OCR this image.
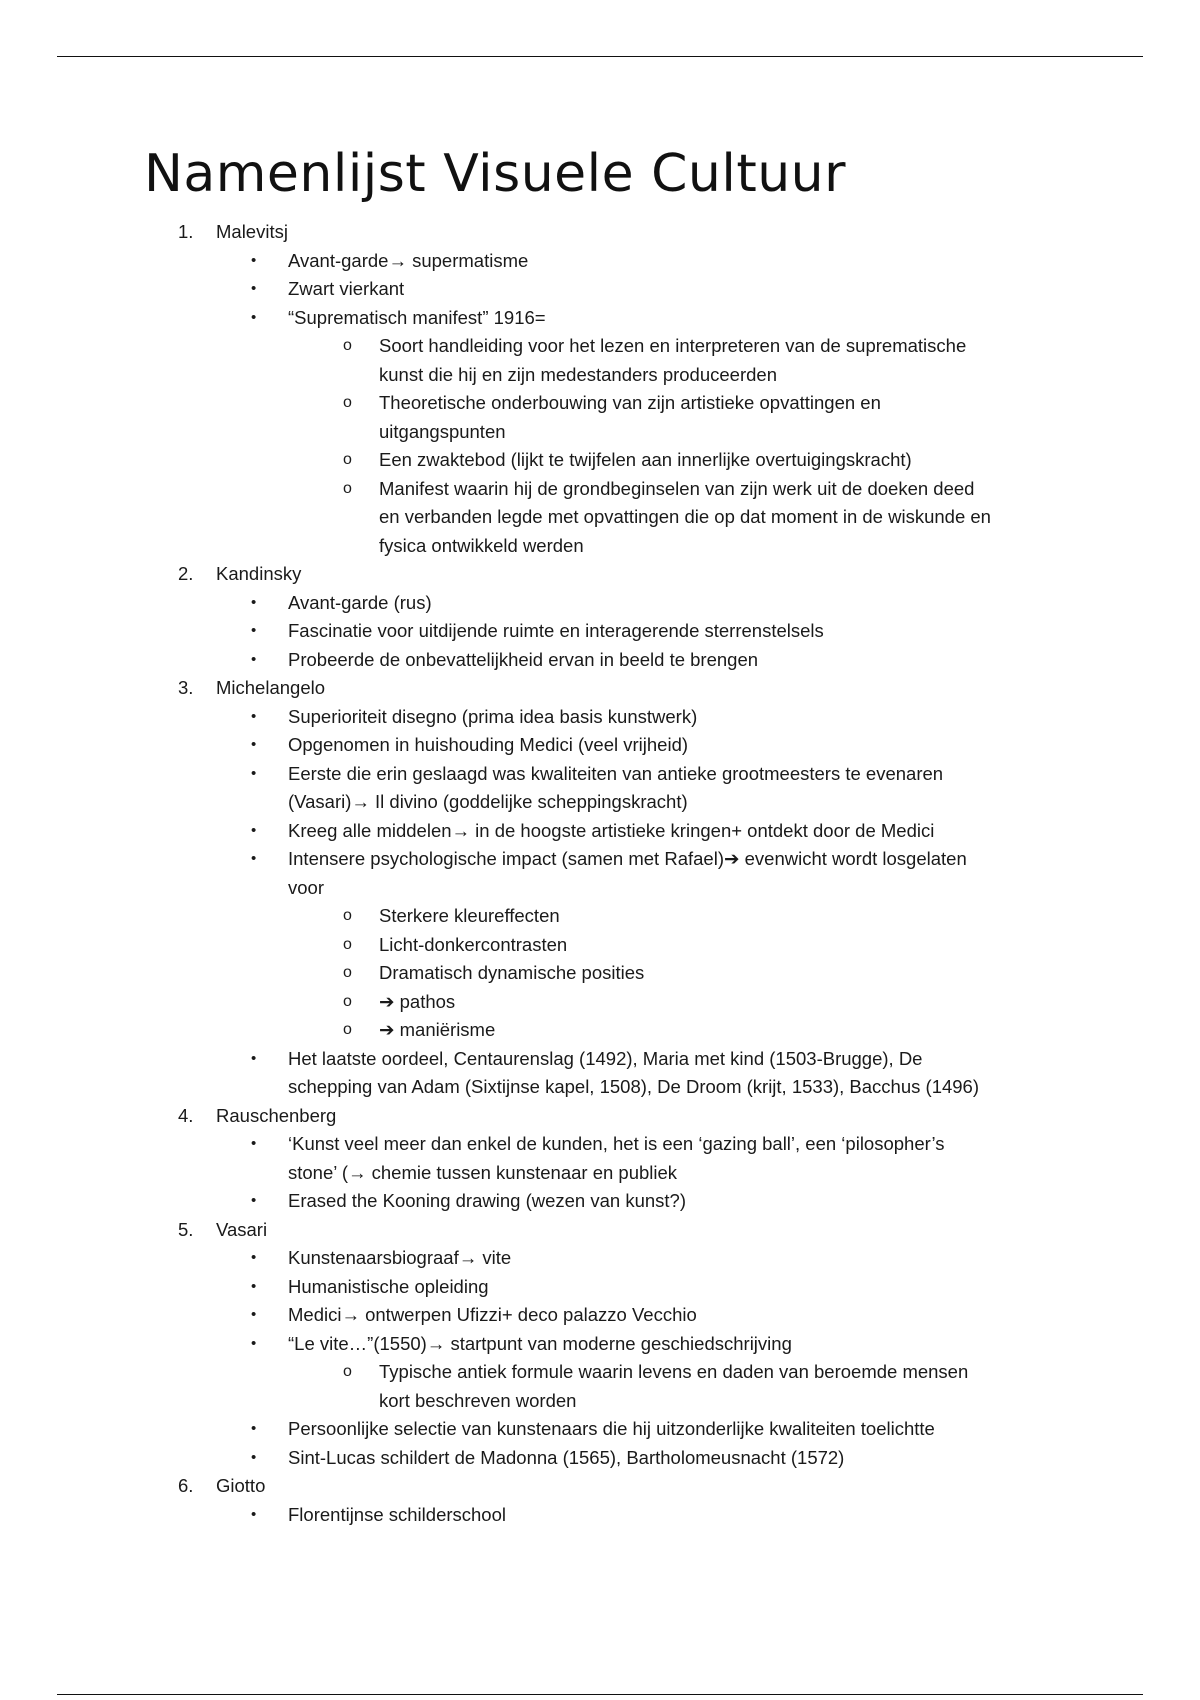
Namenlijst Visuele Cultuur

1. Malevitsj

• Avant-garde→ supermatisme

• Zwart vierkant

• “Suprematisch manifest” 1916=

o Soort handleiding voor het lezen en interpreteren van de suprematische

kunst die hij en zijn medestanders produceerden

o Theoretische onderbouwing van zijn artistieke opvattingen en

uitgangspunten

o Een zwaktebod (lijkt te twijfelen aan innerlijke overtuigingskracht)

o Manifest waarin hij de grondbeginselen van zijn werk uit de doeken deed

en verbanden legde met opvattingen die op dat moment in de wiskunde en

fysica ontwikkeld werden

2. Kandinsky

• Avant-garde (rus)

• Fascinatie voor uitdijende ruimte en interagerende sterrenstelsels

• Probeerde de onbevattelijkheid ervan in beeld te brengen

3. Michelangelo

• Superioriteit disegno (prima idea basis kunstwerk)

• Opgenomen in huishouding Medici (veel vrijheid)

• Eerste die erin geslaagd was kwaliteiten van antieke grootmeesters te evenaren

(Vasari)→ Il divino (goddelijke scheppingskracht)

• Kreeg alle middelen→ in de hoogste artistieke kringen+ ontdekt door de Medici

• Intensere psychologische impact (samen met Rafael)➔ evenwicht wordt losgelaten

voor

o Sterkere kleureffecten

o Licht-donkercontrasten

o Dramatisch dynamische posities

o ➔ pathos

o ➔ maniërisme

• Het laatste oordeel, Centaurenslag (1492), Maria met kind (1503-Brugge), De

schepping van Adam (Sixtijnse kapel, 1508), De Droom (krijt, 1533), Bacchus (1496)

4. Rauschenberg

• ‘Kunst veel meer dan enkel de kunden, het is een ‘gazing ball’, een ‘pilosopher’s

stone’ (→ chemie tussen kunstenaar en publiek

• Erased the Kooning drawing (wezen van kunst?)

5. Vasari

• Kunstenaarsbiograaf→ vite

• Humanistische opleiding

• Medici→ ontwerpen Ufizzi+ deco palazzo Vecchio

• “Le vite…”(1550)→ startpunt van moderne geschiedschrijving

o Typische antiek formule waarin levens en daden van beroemde mensen

kort beschreven worden

• Persoonlijke selectie van kunstenaars die hij uitzonderlijke kwaliteiten toelichtte

• Sint-Lucas schildert de Madonna (1565), Bartholomeusnacht (1572)

6. Giotto

• Florentijnse schilderschool
